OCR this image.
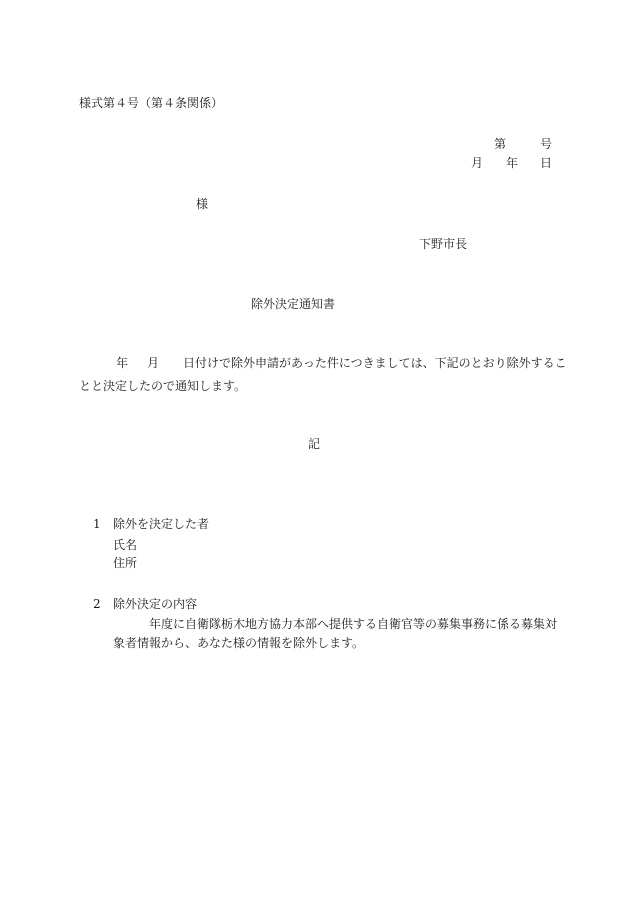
様式第４号（第４条関係）
第	号
月 年 日
様
下野市長
除外決定通知書
年 月 日付けで除外申請があった件につきましては、下記のとおり除外するこ
とと決定したので通知します。
記
1 除外を決定した者
氏名
住所
2 除外決定の内容
年度に自衛隊栃木地方協力本部へ提供する自衛官等の募集事務に係る募集対
象者情報から、あなた様の情報を除外します。
